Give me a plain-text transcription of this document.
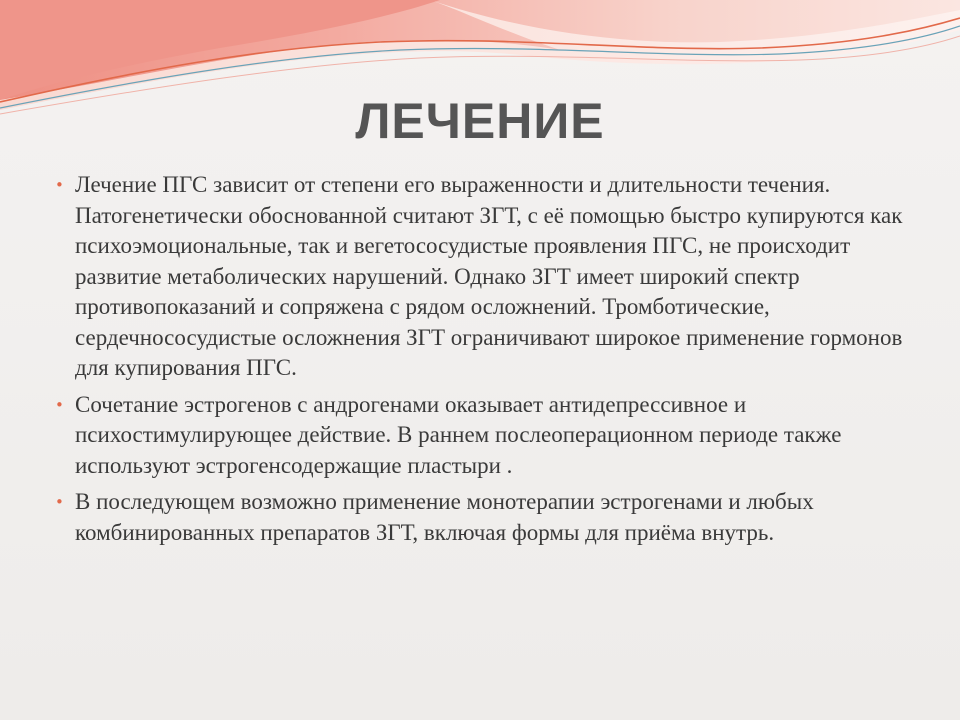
ЛЕЧЕНИЕ
• Лечение ПГС зависит от степени его выраженности и длительности течения. Патогенетически обоснованной считают ЗГТ, с её помощью быстро купируются как психоэмоциональные, так и вегетососудистые проявления ПГС, не происходит развитие метаболических нарушений. Однако ЗГТ имеет широкий спектр противопоказаний и сопряжена с рядом осложнений. Тромботические, сердечнососудистые осложнения ЗГТ ограничивают широкое применение гормонов для купирования ПГС.
• Сочетание эстрогенов с андрогенами оказывает антидепрессивное и психостимулирующее действие. В раннем послеоперационном периоде также используют эстрогенсодержащие пластыри .
• В последующем возможно применение монотерапии эстрогенами и любых комбинированных препаратов ЗГТ, включая формы для приёма внутрь.
